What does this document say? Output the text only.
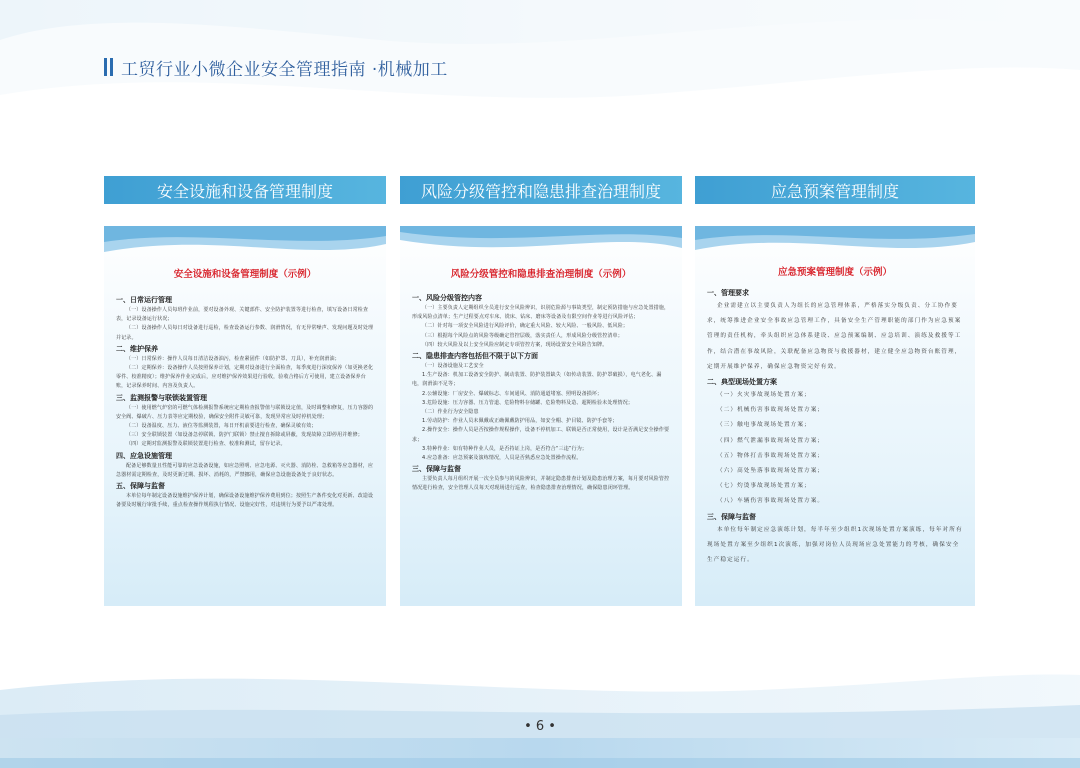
工贸行业小微企业安全管理指南 ·机械加工
安全设施和设备管理制度	风险分级管控和隐患排查治理制度	应急预案管理制度
安全设施和设备管理制度（示例）
一、日常运行管理
（一）设备操作人员每班作业前，要对设备外观、关键部件、安全防护装置等进行检查，填写设备日常检查表，记录设备运行状况；
（二）设备操作人员每日对设备进行巡检，检查设备运行参数、润滑情况，有无异常噪声、发现问题及时处理并记录。
二、维护保养
（一）日常保养：操作人员每日清洁设备油污，检查紧固件（如防护罩、刀具），补充润滑油；
（二）定期保养：设备操作人员按照保养计划，定期对设备进行全面检查，每季度进行深度保养（如更换老化零件、校准精度）；维护保养作业完成后，应对维护保养效果进行验收，验收合格后方可使用，建立设备保养台账，记录保养时间、内容及负责人。
三、监测报警与联锁装置管理
（一）使用燃气炉窑的可燃气体检测报警系统应定期检查报警值与联锁设定值，及时调整和修复，压力容器的安全阀、爆破片、压力表等应定期校验，确保安全附件灵敏可靠，发现异常应及时停机处理；
（二）设备温度、压力、液位等监测装置，每日开机前要进行检查，确保灵敏有效；
（三）安全联锁装置（如设备急停联锁、防护门联锁）禁止擅自拆除或屏蔽，发现故障立即停用并维修；
（四）定期对监测报警及联锁装置进行检查、校准和测试，留存记录。
四、应急设施管理
配备足够数量且性能可靠的应急设备设施，如应急照明、应急电源、灭火器、消防栓、急救箱等应急器材，应急器材需定期检查，及时更新过期、损坏、消耗的，严禁挪用，确保应急设施设备处于良好状态。
五、保障与监督
本单位每年制定设备设施维护保养计划，确保设备设施维护保养费用到位；按照生产条件变化对更新、改造设备要及时履行审批手续，重点检查操作规程执行情况、设施完好性，对违规行为要予以严肃处理。
风险分级管控和隐患排查治理制度（示例）
一、风险分级管控内容
（一）主要负责人定期组织全员进行安全风险辨识，识别危险源与事故类型，制定预防措施与应急处置措施，形成风险点清单；生产过程要点对车床、铣床、钻床、磨床等设备及有限空间作业等进行风险评估；
（二）针对每一项安全风险进行风险评价，确定重大风险、较大风险、一般风险、低风险；
（三）根据每个风险点的风险等级确定管控层级，落实责任人，形成风险分级管控清单；
（四）较大风险及以上安全风险应制定专项管控方案，现场设置安全风险告知牌。
二、隐患排查内容包括但不限于以下方面
（一）设备设施及工艺安全
1.生产设备：机加工设备安全防护、制动装置、防护装置缺失（如传动装置、防护罩破损），电气老化、漏电，润滑油不足等；
2.公辅设施：厂房安全、爆破标志、车间通风、消防通道堵塞、照明设备损坏；
3.危险设施：压力容器、压力管道、危险物料存储罐、危险物料及造、超期检验未处理情况；
（二）作业行为安全隐患
1.劳动防护：作业人员未佩戴或正确佩戴防护用品，如安全帽、护目镜、防护手套等；
2.操作安全：操作人员是否按操作规程操作，设备不停机加工、联锁是否正常使用，设计是否满足安全操作要求；
3.特种作业：如有特种作业人员，是否持证上岗，是否符合“三违”行为；
4.应急准备：应急预案及演练情况，人员是否熟悉应急处置操作流程。
三、保障与监督
主要负责人每月组织开展一次全员参与的风险辨识，并制定隐患排查计划及隐患治理方案，每月要对风险管控情况进行检查，安全管理人员每天对现场进行巡查，检查隐患排查治理情况，确保隐患闭环管理。
应急预案管理制度（示例）
一、管理要求
企业需建立以主要负责人为组长的应急管理体系，严格落实分级负责、分工协作要求，统筹推进企业安全事故应急管理工作，具备安全生产管理职能的部门作为应急预案管理的责任机构，牵头组织应急体系建设、应急预案编制、应急培训、演练及救援等工作，结合潜在事故风险，关联配备应急物资与救援器材，建立健全应急物资台账管理，定期开展维护保养，确保应急物资完好有效。
二、典型现场处置方案
（一）火灾事故现场处置方案；
（二）机械伤害事故现场处置方案；
（三）触电事故现场处置方案；
（四）燃气泄漏事故现场处置方案；
（五）物体打击事故现场处置方案；
（六）高处坠落事故现场处置方案；
（七）灼烫事故现场处置方案；
（八）车辆伤害事故现场处置方案。
三、保障与监督
本单位每年制定应急演练计划，每半年至少组织1次现场处置方案演练，每年对所有现场处置方案至少组织1次演练，加强对岗位人员现场应急处置能力的考核，确保安全生产稳定运行。
• 6 •
